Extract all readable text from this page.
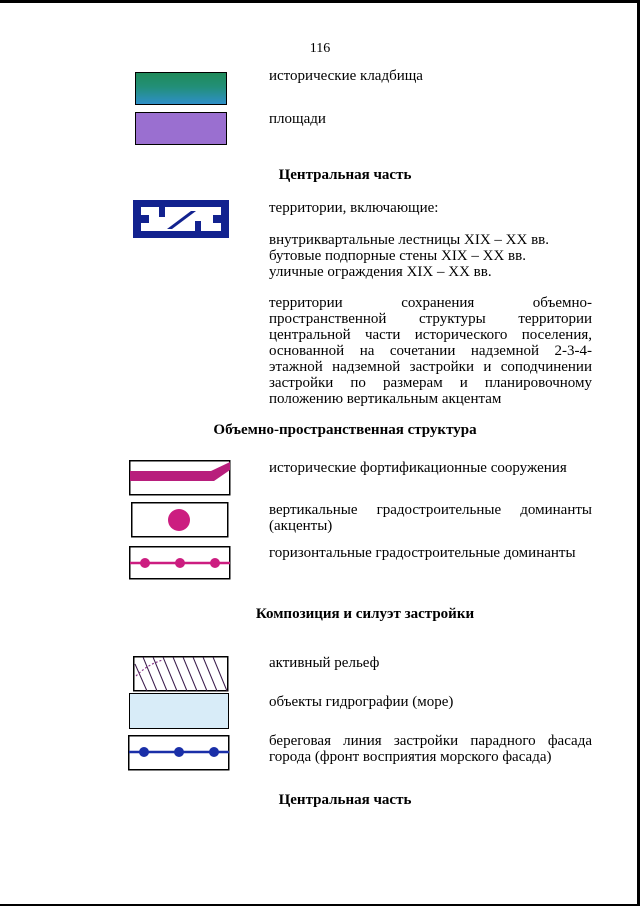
116
исторические кладбища
площади
Центральная часть
территории, включающие:
внутриквартальные лестницы XIX – XX вв.
бутовые подпорные стены XIX – XX вв.
уличные ограждения XIX – XX вв.
территории сохранения объемно-
пространственной структуры территории
центральной части исторического поселения,
основанной на сочетании надземной 2-3-4-
этажной надземной застройки и соподчинении
застройки по размерам и планировочному
положению вертикальным акцентам
Объемно-пространственная структура
исторические фортификационные сооружения
вертикальные градостроительные доминанты
(акценты)
горизонтальные градостроительные доминанты
Композиция и силуэт застройки
активный рельеф
объекты гидрографии (море)
береговая линия застройки парадного фасада
города (фронт восприятия морского фасада)
Центральная часть
